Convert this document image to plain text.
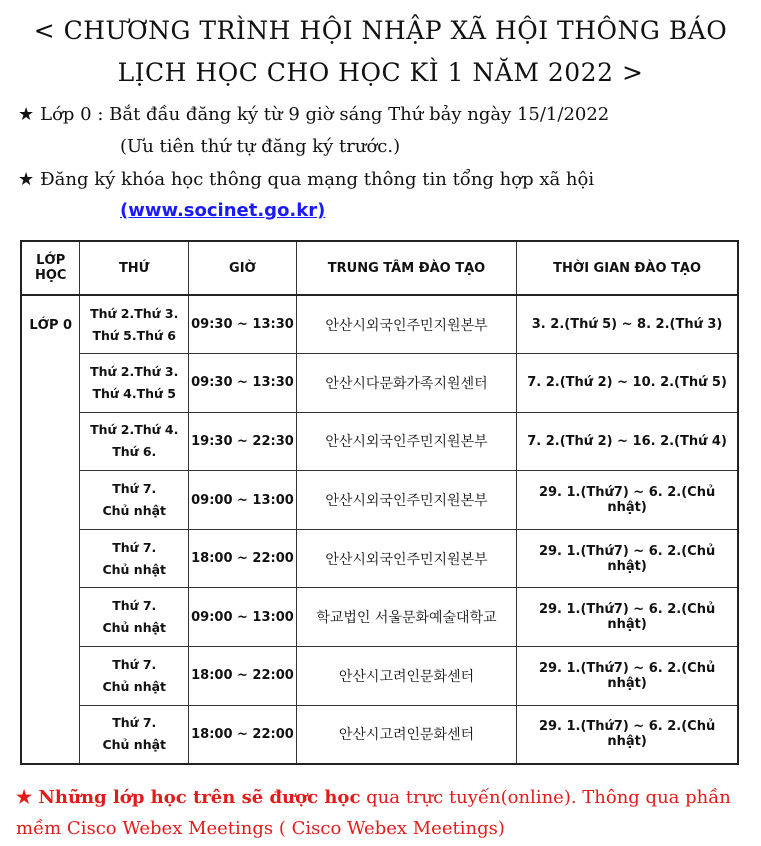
< CHƯƠNG TRÌNH HỘI NHẬP XÃ HỘI THÔNG BÁO
LỊCH HỌC CHO HỌC KÌ 1 NĂM 2022 >
★ Lớp 0 : Bắt đầu đăng ký từ 9 giờ sáng Thứ bảy ngày 15/1/2022
(Ưu tiên thứ tự đăng ký trước.)
★ Đăng ký khóa học thông qua mạng thông tin tổng hợp xã hội
(www.socinet.go.kr)
LỚP
HỌC	THỨ	GIỜ	TRUNG TÂM ĐÀO TẠO	THỜI GIAN ĐÀO TẠO
LỚP 0	Thứ 2.Thứ 3.
Thứ 5.Thứ 6	09:30 ~ 13:30	안산시외국인주민지원본부	3. 2.(Thứ 5) ~ 8. 2.(Thứ 3)
	Thứ 2.Thứ 3.
Thứ 4.Thứ 5	09:30 ~ 13:30	안산시다문화가족지원센터	7. 2.(Thứ 2) ~ 10. 2.(Thứ 5)
	Thứ 2.Thứ 4.
Thứ 6.	19:30 ~ 22:30	안산시외국인주민지원본부	7. 2.(Thứ 2) ~ 16. 2.(Thứ 4)
	Thứ 7.
Chủ nhật	09:00 ~ 13:00	안산시외국인주민지원본부	29. 1.(Thứ7) ~ 6. 2.(Chủ nhật)
	Thứ 7.
Chủ nhật	18:00 ~ 22:00	안산시외국인주민지원본부	29. 1.(Thứ7) ~ 6. 2.(Chủ nhật)
	Thứ 7.
Chủ nhật	09:00 ~ 13:00	학교법인 서울문화예술대학교	29. 1.(Thứ7) ~ 6. 2.(Chủ nhật)
	Thứ 7.
Chủ nhật	18:00 ~ 22:00	안산시고려인문화센터	29. 1.(Thứ7) ~ 6. 2.(Chủ nhật)
	Thứ 7.
Chủ nhật	18:00 ~ 22:00	안산시고려인문화센터	29. 1.(Thứ7) ~ 6. 2.(Chủ nhật)
★ Những lớp học trên sẽ được học qua trực tuyến(online). Thông qua phần mềm Cisco Webex Meetings ( Cisco Webex Meetings)
